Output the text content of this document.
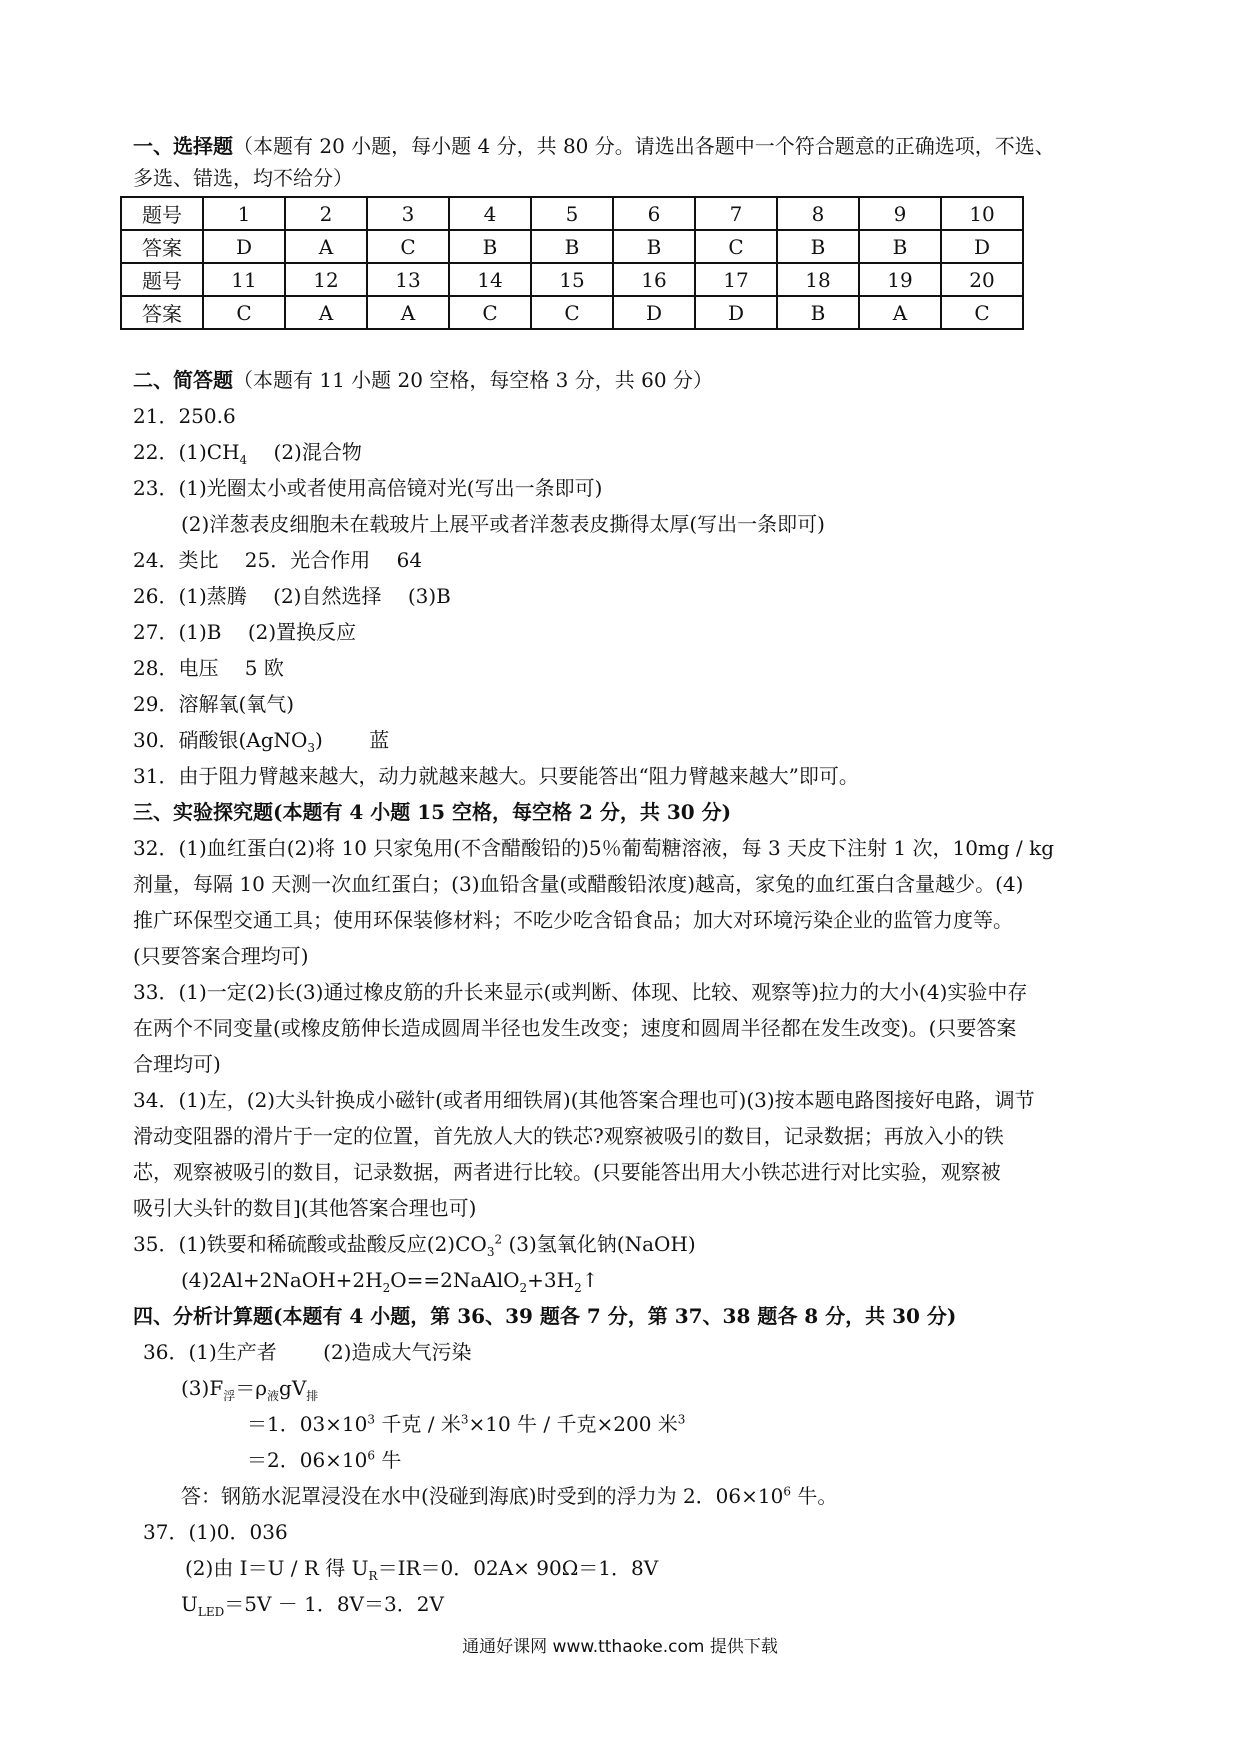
一、选择题（本题有 20 小题，每小题 4 分，共 80 分。请选出各题中一个符合题意的正确选项，不选、
多选、错选，均不给分）
题号	1	2	3	4	5	6	7	8	9	10
答案	D	A	C	B	B	B	C	B	B	D
题号	11	12	13	14	15	16	17	18	19	20
答案	C	A	A	C	C	D	D	B	A	C
二、简答题（本题有 11 小题 20 空格，每空格 3 分，共 60 分）
21．250.6
22．$(1)CH_4$　 (2)混合物
23．(1)光圈太小或者使用高倍镜对光(写出一条即可)
(2)洋葱表皮细胞未在载玻片上展平或者洋葱表皮撕得太厚(写出一条即可)
24．类比　 25．光合作用　 64
26．(1)蒸腾　 (2)自然选择　 (3)B
27．(1)B　 (2)置换反应
28．电压　 5 欧
29．溶解氧(氧气)
30．硝酸银(AgNO$_3$)　　 蓝
31．由于阻力臂越来越大，动力就越来越大。只要能答出“阻力臂越来越大”即可。
三、实验探究题(本题有 4 小题 15 空格，每空格 2 分，共 30 分)
32．(1)血红蛋白(2)将 10 只家兔用(不含醋酸铅的)5％葡萄糖溶液，每 3 天皮下注射 1 次，10mg / kg
剂量，每隔 10 天测一次血红蛋白；(3)血铅含量(或醋酸铅浓度)越高，家兔的血红蛋白含量越少。(4)
推广环保型交通工具；使用环保装修材料；不吃少吃含铅食品；加大对环境污染企业的监管力度等。
(只要答案合理均可)
33．(1)一定(2)长(3)通过橡皮筋的升长来显示(或判断、体现、比较、观察等)拉力的大小(4)实验中存
在两个不同变量(或橡皮筋伸长造成圆周半径也发生改变；速度和圆周半径都在发生改变)。(只要答案
合理均可)
34．(1)左，(2)大头针换成小磁针(或者用细铁屑)(其他答案合理也可)(3)按本题电路图接好电路，调节
滑动变阻器的滑片于一定的位置，首先放人大的铁芯?观察被吸引的数目，记录数据；再放入小的铁
芯，观察被吸引的数目，记录数据，两者进行比较。(只要能答出用大小铁芯进行对比实验，观察被
吸引大头针的数目](其他答案合理也可)
35．(1)铁要和稀硫酸或盐酸反应$(2)CO_3^2$ (3)氢氧化钠(NaOH)
$(4)2Al+2NaOH+2H_2O==2NaAlO_2+3H_2↑$
四、分析计算题(本题有 4 小题，第 36、39 题各 7 分，第 37、38 题各 8 分，共 30 分)
36．(1)生产者　　 (2)造成大气污染
$(3)F_浮=\rho_液gV_排$
＝1．$03\times 10^3$ 千克 / 米$^3$×10 牛 / 千克×200 米$^3$
＝2．$06\times 10^6$ 牛
答：钢筋水泥罩浸没在水中(没碰到海底)时受到的浮力为 2．$06\times 10^6$ 牛。
37．(1)0．036
(2)由 I＝U / R 得 $U_R=IR=0$．02A× 90Ω＝1．8V
$U_{LED}=5V - 1$．8V＝3．2V
通通好课网 www.tthaoke.com 提供下载
